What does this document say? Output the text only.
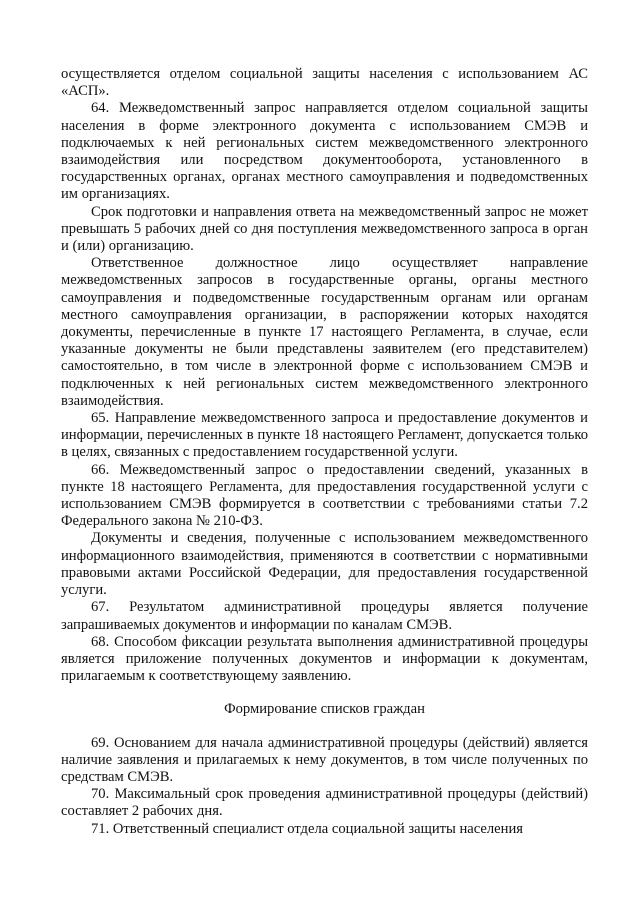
осуществляется отделом социальной защиты населения с использованием АС «АСП».

64. Межведомственный запрос направляется отделом социальной защиты населения в форме электронного документа с использованием СМЭВ и подключаемых к ней региональных систем межведомственного электронного взаимодействия или посредством документооборота, установленного в государственных органах, органах местного самоуправления и подведомственных им организациях.

Срок подготовки и направления ответа на межведомственный запрос не может превышать 5 рабочих дней со дня поступления межведомственного запроса в орган и (или) организацию.

Ответственное должностное лицо осуществляет направление межведомственных запросов в государственные органы, органы местного самоуправления и подведомственные государственным органам или органам местного самоуправления организации, в распоряжении которых находятся документы, перечисленные в пункте 17 настоящего Регламента, в случае, если указанные документы не были представлены заявителем (его представителем) самостоятельно, в том числе в электронной форме с использованием СМЭВ и подключенных к ней региональных систем межведомственного электронного взаимодействия.

65. Направление межведомственного запроса и предоставление документов и информации, перечисленных в пункте 18 настоящего Регламент, допускается только в целях, связанных с предоставлением государственной услуги.

66. Межведомственный запрос о предоставлении сведений, указанных в пункте 18 настоящего Регламента, для предоставления государственной услуги с использованием СМЭВ формируется в соответствии с требованиями статьи 7.2 Федерального закона № 210-ФЗ.

Документы и сведения, полученные с использованием межведомственного информационного взаимодействия, применяются в соответствии с нормативными правовыми актами Российской Федерации, для предоставления государственной услуги.

67. Результатом административной процедуры является получение запрашиваемых документов и информации по каналам СМЭВ.

68. Способом фиксации результата выполнения административной процедуры является приложение полученных документов и информации к документам, прилагаемым к соответствующему заявлению.

Формирование списков граждан

69. Основанием для начала административной процедуры (действий) является наличие заявления и прилагаемых к нему документов, в том числе полученных по средствам СМЭВ.

70. Максимальный срок проведения административной процедуры (действий) составляет 2 рабочих дня.

71. Ответственный специалист отдела социальной защиты населения
